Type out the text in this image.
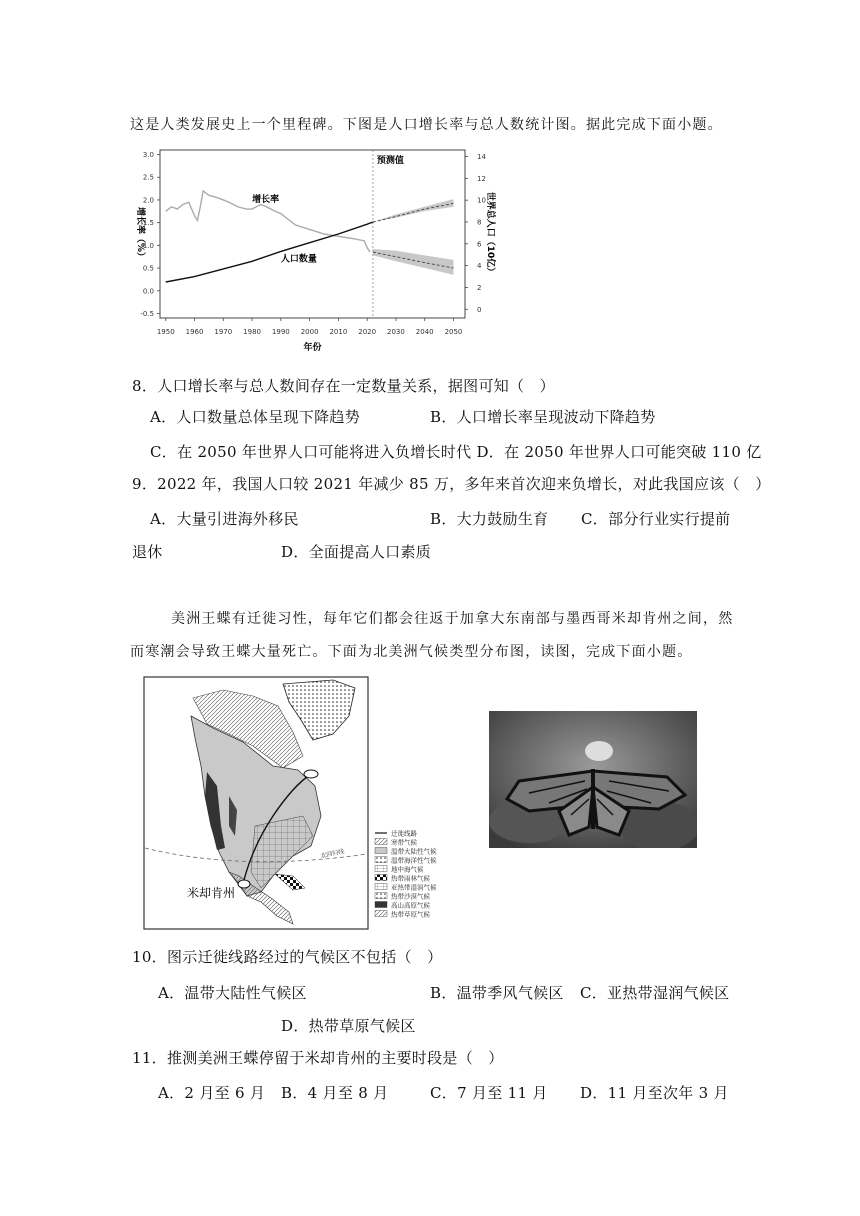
这是人类发展史上一个里程碑。下图是人口增长率与总人数统计图。据此完成下面小题。
3.0
2.5
2.0
1.5
1.0
0.5
0.0
-0.5
14
12
10
8
6
4
2
0
1950 1960 1970 1980 1990 2000 2010 2020 2030 2040 2050
预测值
增长率
人口数量
年份
增长率（%）	世界总人口（10亿）
8．人口增长率与总人数间存在一定数量关系，据图可知（　）
A．人口数量总体呈现下降趋势	B．人口增长率呈现波动下降趋势
C．在 2050 年世界人口可能将进入负增长时代 D．在 2050 年世界人口可能突破 110 亿
9．2022 年，我国人口较 2021 年减少 85 万，多年来首次迎来负增长，对此我国应该（　）
A．大量引进海外移民	B．大力鼓励生育 C．部分行业实行提前
退休	D．全面提高人口素质
美洲王蝶有迁徙习性，每年它们都会往返于加拿大东南部与墨西哥米却肯州之间，然
而寒潮会导致王蝶大量死亡。下面为北美洲气候类型分布图，读图，完成下面小题。
米却肯州
北回归线
迁徙线路
寒带气候
温带大陆性气候
温带海洋性气候
地中海气候
热带雨林气候
亚热带湿润气候
热带沙漠气候
高山高原气候
热带草原气候
10．图示迁徙线路经过的气候区不包括（　）
A．温带大陆性气候区	B．温带季风气候区 C．亚热带湿润气候区
D．热带草原气候区
11．推测美洲王蝶停留于米却肯州的主要时段是（　）
A．2 月至 6 月 B．4 月至 8 月	C．7 月至 11 月 D．11 月至次年 3 月
